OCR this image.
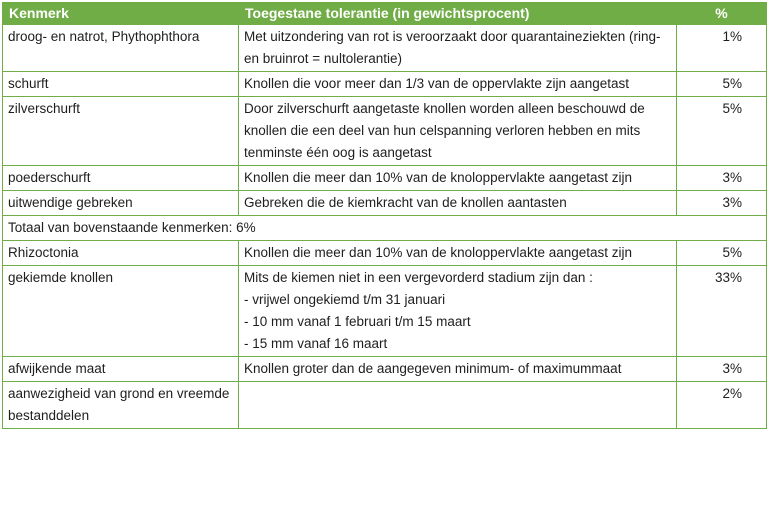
Kenmerk	Toegestane tolerantie (in gewichtsprocent)	%
droog- en natrot, Phythophthora	Met uitzondering van rot is veroorzaakt door quarantaineziekten (ring- en bruinrot = nultolerantie)	1%
schurft	Knollen die voor meer dan 1/3 van de oppervlakte zijn aangetast	5%
zilverschurft	Door zilverschurft aangetaste knollen worden alleen beschouwd de knollen die een deel van hun celspanning verloren hebben en mits tenminste één oog is aangetast	5%
poederschurft	Knollen die meer dan 10% van de knoloppervlakte aangetast zijn	3%
uitwendige gebreken	Gebreken die de kiemkracht van de knollen aantasten	3%
Totaal van bovenstaande kenmerken: 6%		
Rhizoctonia	Knollen die meer dan 10% van de knoloppervlakte aangetast zijn	5%
gekiemde knollen	Mits de kiemen niet in een vergevorderd stadium zijn dan :
- vrijwel ongekiemd t/m 31 januari
- 10 mm vanaf 1 februari t/m 15 maart
- 15 mm vanaf 16 maart	33%
afwijkende maat	Knollen groter dan de aangegeven minimum- of maximummaat	3%
aanwezigheid van grond en vreemde bestanddelen		2%
